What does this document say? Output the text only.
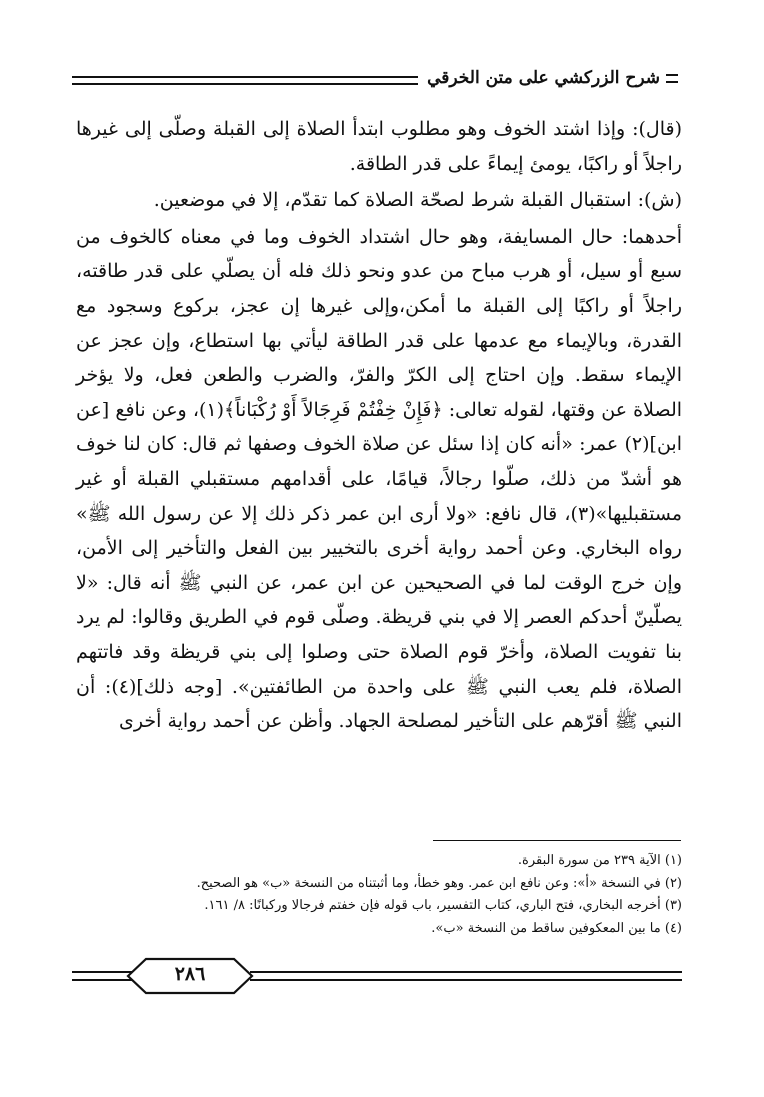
شرح الزركشي على متن الخرقي

(قال): وإذا اشتد الخوف وهو مطلوب ابتدأ الصلاة إلى القبلة وصلّى إلى غيرها راجلاً أو راكبًا، يومئ إيماءً على قدر الطاقة.

(ش): استقبال القبلة شرط لصحّة الصلاة كما تقدّم، إلا في موضعين.

أحدهما: حال المسايفة، وهو حال اشتداد الخوف وما في معناه كالخوف من سبع أو سيل، أو هرب مباح من عدو ونحو ذلك فله أن يصلّي على قدر طاقته، راجلاً أو راكبًا إلى القبلة ما أمكن،وإلى غيرها إن عجز، بركوع وسجود مع القدرة، وبالإيماء مع عدمها على قدر الطاقة ليأتي بها استطاع، وإن عجز عن الإيماء سقط. وإن احتاج إلى الكرّ والفرّ، والضرب والطعن فعل، ولا يؤخر الصلاة عن وقتها، لقوله تعالى: ﴿فَإِنْ خِفْتُمْ فَرِجَالاً أَوْ رُكْبَاناً﴾(١)، وعن نافع [عن ابن](٢) عمر: «أنه كان إذا سئل عن صلاة الخوف وصفها ثم قال: كان لنا خوف هو أشدّ من ذلك، صلّوا رجالاً، قيامًا، على أقدامهم مستقبلي القبلة أو غير مستقبليها»(٣)، قال نافع: «ولا أرى ابن عمر ذكر ذلك إلا عن رسول الله ﷺ» رواه البخاري. وعن أحمد رواية أخرى بالتخيير بين الفعل والتأخير إلى الأمن، وإن خرج الوقت لما في الصحيحين عن ابن عمر، عن النبي ﷺ أنه قال: «لا يصلّينّ أحدكم العصر إلا في بني قريظة. وصلّى قوم في الطريق وقالوا: لم يرد بنا تفويت الصلاة، وأخرّ قوم الصلاة حتى وصلوا إلى بني قريظة وقد فاتتهم الصلاة، فلم يعب النبي ﷺ على واحدة من الطائفتين». [وجه ذلك](٤): أن النبي ﷺ أقرّهم على التأخير لمصلحة الجهاد. وأظن عن أحمد رواية أخرى

(١) الآية ٢٣٩ من سورة البقرة.

(٢) في النسخة «أ»: وعن نافع ابن عمر. وهو خطأ، وما أثبتناه من النسخة «ب» هو الصحيح.

(٣) أخرجه البخاري، فتح الباري، كتاب التفسير، باب قوله فإن خفتم فرجالا وركبانًا: ٨/ ١٦١.

(٤) ما بين المعكوفين ساقط من النسخة «ب».

٢٨٦
